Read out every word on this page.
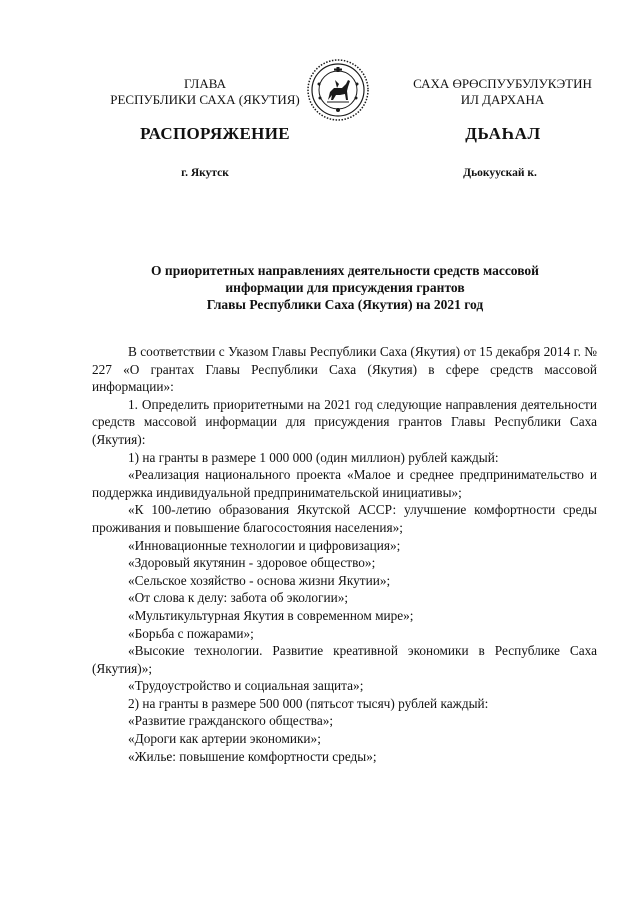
ГЛАВА
РЕСПУБЛИКИ САХА (ЯКУТИЯ)
САХА ӨРӨСПУУБУЛУКЭТИН
ИЛ ДАРХАНА
РАСПОРЯЖЕНИЕ	ДЬАҺАЛ
г. Якутск	Дьокуускай к.
О приоритетных направлениях деятельности средств массовой
информации для присуждения грантов
Главы Республики Саха (Якутия) на 2021 год

В соответствии с Указом Главы Республики Саха (Якутия) от 15 декабря 2014 г. № 227 «О грантах Главы Республики Саха (Якутия) в сфере средств массовой информации»:

1. Определить приоритетными на 2021 год следующие направления деятельности средств массовой информации для присуждения грантов Главы Республики Саха (Якутия):

1) на гранты в размере 1 000 000 (один миллион) рублей каждый:

«Реализация национального проекта «Малое и среднее предпринимательство и поддержка индивидуальной предпринимательской инициативы»;

«К 100-летию образования Якутской АССР: улучшение комфортности среды проживания и повышение благосостояния населения»;

«Инновационные технологии и цифровизация»;

«Здоровый якутянин - здоровое общество»;

«Сельское хозяйство - основа жизни Якутии»;

«От слова к делу: забота об экологии»;

«Мультикультурная Якутия в современном мире»;

«Борьба с пожарами»;

«Высокие технологии. Развитие креативной экономики в Республике Саха (Якутия)»;

«Трудоустройство и социальная защита»;

2) на гранты в размере 500 000 (пятьсот тысяч) рублей каждый:

«Развитие гражданского общества»;

«Дороги как артерии экономики»;

«Жилье: повышение комфортности среды»;
